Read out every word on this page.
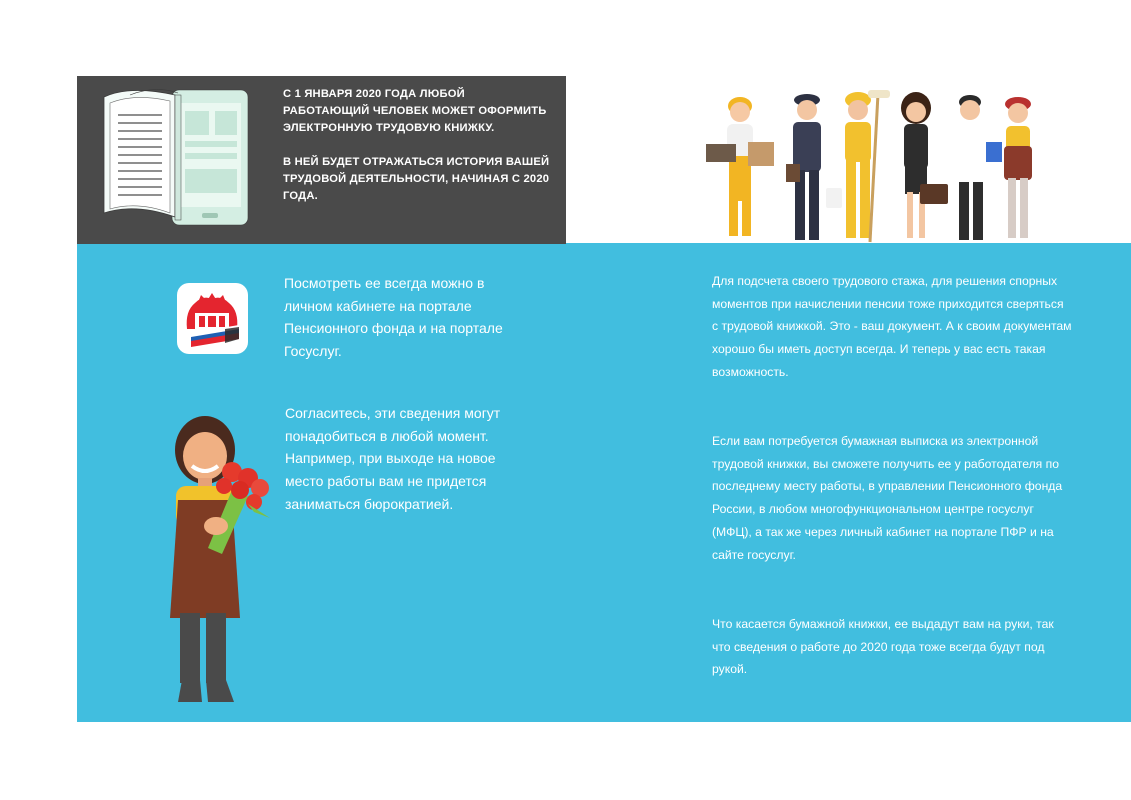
С 1 ЯНВАРЯ 2020 ГОДА ЛЮБОЙ РАБОТАЮЩИЙ ЧЕЛОВЕК МОЖЕТ ОФОРМИТЬ ЭЛЕКТРОННУЮ ТРУДОВУЮ КНИЖКУ.

В НЕЙ БУДЕТ ОТРАЖАТЬСЯ ИСТОРИЯ ВАШЕЙ ТРУДОВОЙ ДЕЯТЕЛЬНОСТИ, НАЧИНАЯ С 2020 ГОДА.

Посмотреть ее всегда можно в личном кабинете на портале Пенсионного фонда и на портале Госуслуг.

Согласитесь, эти сведения могут понадобиться в любой момент. Например, при выходе на новое место работы вам не придется заниматься бюрократией.

Для подсчета своего трудового стажа, для решения спорных моментов при начислении пенсии тоже приходится сверяться с трудовой книжкой. Это - ваш документ. А к своим документам хорошо бы иметь доступ всегда. И теперь у вас есть такая возможность.

Если вам потребуется бумажная выписка из электронной трудовой книжки, вы сможете получить ее у работодателя по последнему месту работы, в управлении Пенсионного фонда России, в любом многофункциональном центре госуслуг (МФЦ), а так же через личный кабинет на портале ПФР и на сайте госуслуг.

Что касается бумажной книжки, ее выдадут вам на руки, так что сведения о работе до 2020 года тоже всегда будут под рукой.
